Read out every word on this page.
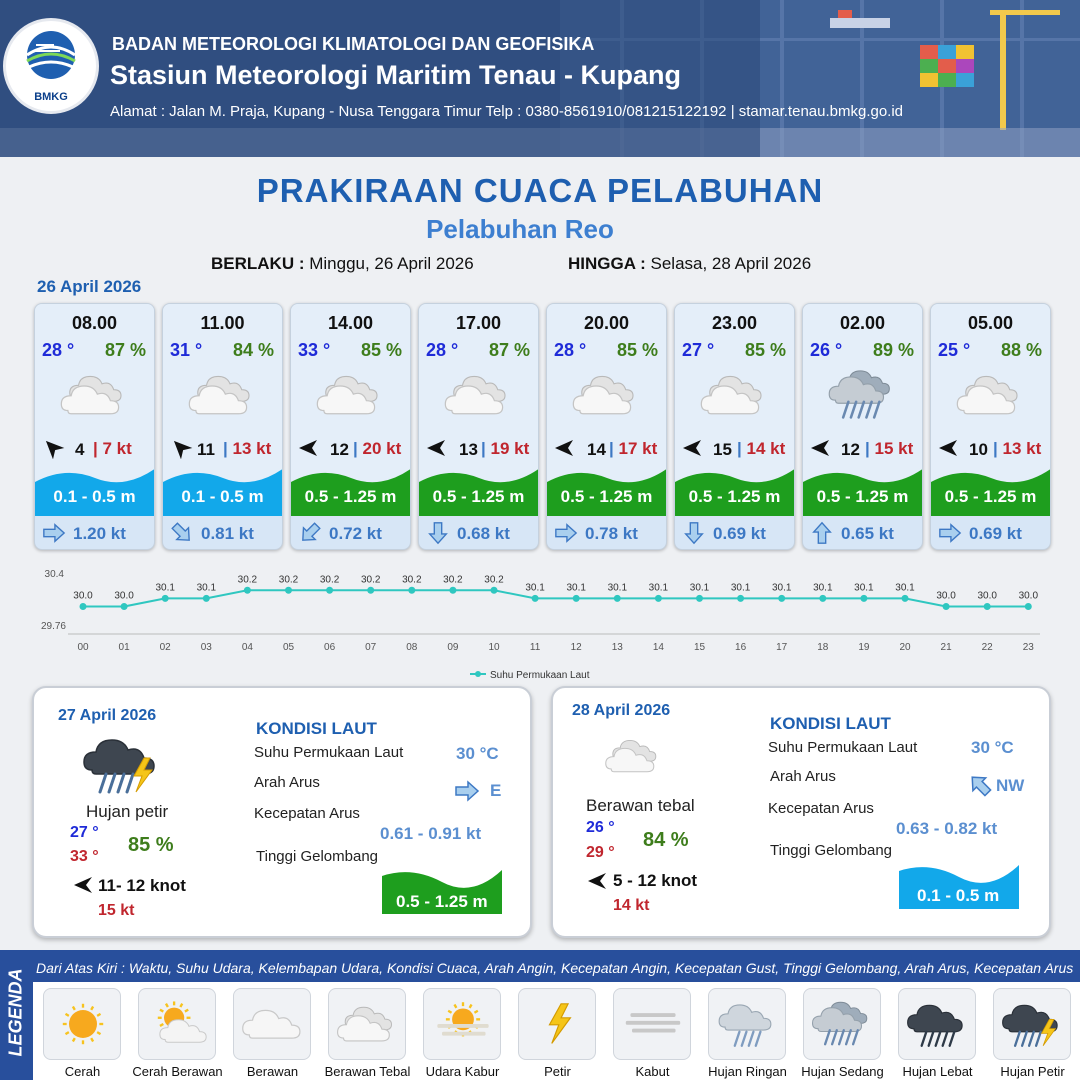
BMKG
BADAN METEOROLOGI KLIMATOLOGI DAN GEOFISIKA
Stasiun Meteorologi Maritim Tenau - Kupang
Alamat : Jalan M. Praja, Kupang - Nusa Tenggara Timur Telp : 0380-8561910/081215122192 | stamar.tenau.bmkg.go.id
PRAKIRAAN CUACA PELABUHAN
Pelabuhan Reo
BERLAKU : Minggu, 26 April 2026	HINGGA : Selasa, 28 April 2026
26 April 2026
08.00
28 ° 87 %
4 | 7 kt
0.1 - 0.5 m
1.20 kt
11.00
31 ° 84 %
11 | 13 kt
0.1 - 0.5 m
0.81 kt
14.00
33 ° 85 %
12 | 20 kt
0.5 - 1.25 m
0.72 kt
17.00
28 ° 87 %
13 | 19 kt
0.5 - 1.25 m
0.68 kt
20.00
28 ° 85 %
14 | 17 kt
0.5 - 1.25 m
0.78 kt
23.00
27 ° 85 %
15 | 14 kt
0.5 - 1.25 m
0.69 kt
02.00
26 ° 89 %
12 | 15 kt
0.5 - 1.25 m
0.65 kt
05.00
25 ° 88 %
10 | 13 kt
0.5 - 1.25 m
0.69 kt
30.4
29.76
30.0
00
30.0
01
30.1
02
30.1
03
30.2
04
30.2
05
30.2
06
30.2
07
30.2
08
30.2
09
30.2
10
30.1
11
30.1
12
30.1
13
30.1
14
30.1
15
30.1
16
30.1
17
30.1
18
30.1
19
30.1
20
30.0
21
30.0
22
30.0
23
Suhu Permukaan Laut
27 April 2026
Hujan petir
27 °
33 °
85 %
11- 12 knot
15 kt
KONDISI LAUT
Suhu Permukaan Laut	30 °C
Arah Arus	E
Kecepatan Arus
0.61 - 0.91 kt
Tinggi Gelombang
0.5 - 1.25 m
28 April 2026
Berawan tebal
26 °
29 °
84 %
5 - 12 knot
14 kt
KONDISI LAUT
Suhu Permukaan Laut	30 °C
Arah Arus	NW
Kecepatan Arus
0.63 - 0.82 kt
Tinggi Gelombang
0.1 - 0.5 m
LEGENDA
Dari Atas Kiri : Waktu, Suhu Udara, Kelembapan Udara, Kondisi Cuaca, Arah Angin, Kecepatan Angin, Kecepatan Gust, Tinggi Gelombang, Arah Arus, Kecepatan Arus
Cerah	Cerah Berawan	Berawan	Berawan Tebal	Udara Kabur	Petir	Kabut	Hujan Ringan	Hujan Sedang	Hujan Lebat	Hujan Petir
